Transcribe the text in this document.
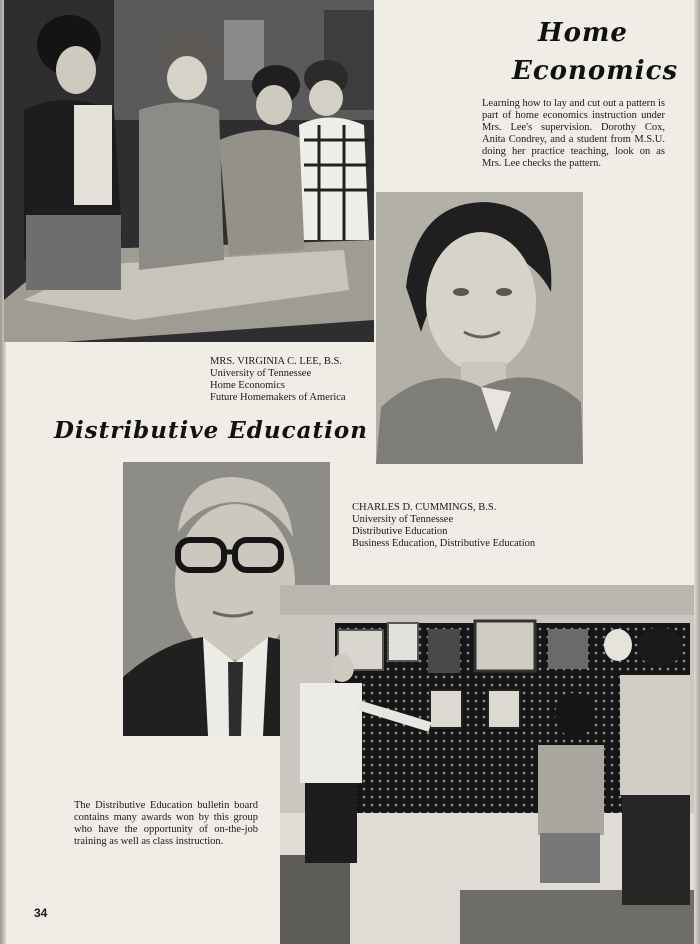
Home
Economics

Learning how to lay and cut out a pattern is part of home economics instruction under Mrs. Lee's supervision. Dorothy Cox, Anita Condrey, and a student from M.S.U. doing her practice teaching, look on as Mrs. Lee checks the pattern.

MRS. VIRGINIA C. LEE, B.S.
University of Tennessee
Home Economics
Future Homemakers of America
Distributive Education
CHARLES D. CUMMINGS, B.S.
University of Tennessee
Distributive Education
Business Education, Distributive Education

The Distributive Education bulletin board contains many awards won by this group who have the opportunity of on-the-job training as well as class instruction.

34
